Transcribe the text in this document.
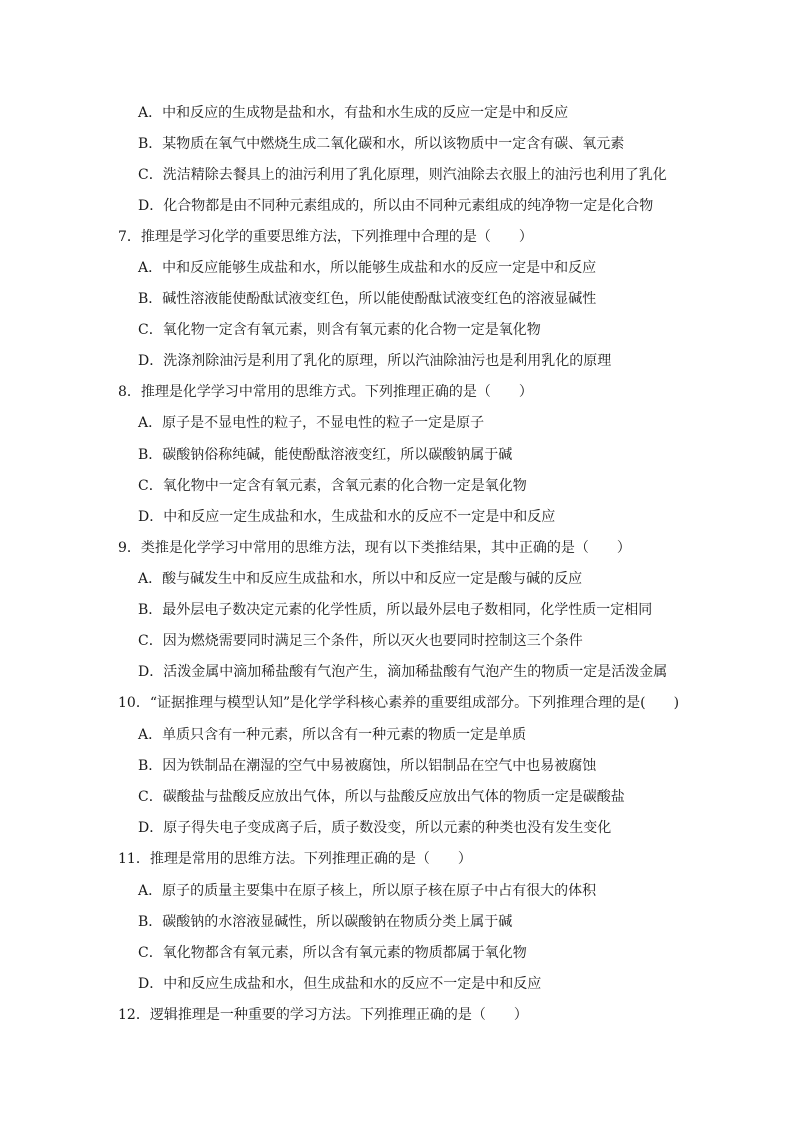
A．中和反应的生成物是盐和水，有盐和水生成的反应一定是中和反应
B．某物质在氧气中燃烧生成二氧化碳和水，所以该物质中一定含有碳、氧元素
C．洗洁精除去餐具上的油污利用了乳化原理，则汽油除去衣服上的油污也利用了乳化
D．化合物都是由不同种元素组成的，所以由不同种元素组成的纯净物一定是化合物
7．推理是学习化学的重要思维方法，下列推理中合理的是（　　）
A．中和反应能够生成盐和水，所以能够生成盐和水的反应一定是中和反应
B．碱性溶液能使酚酞试液变红色，所以能使酚酞试液变红色的溶液显碱性
C．氧化物一定含有氧元素，则含有氧元素的化合物一定是氧化物
D．洗涤剂除油污是利用了乳化的原理，所以汽油除油污也是利用乳化的原理
8．推理是化学学习中常用的思维方式。下列推理正确的是（　　）
A．原子是不显电性的粒子，不显电性的粒子一定是原子
B．碳酸钠俗称纯碱，能使酚酞溶液变红，所以碳酸钠属于碱
C．氧化物中一定含有氧元素，含氧元素的化合物一定是氧化物
D．中和反应一定生成盐和水，生成盐和水的反应不一定是中和反应
9．类推是化学学习中常用的思维方法，现有以下类推结果，其中正确的是（　　）
A．酸与碱发生中和反应生成盐和水，所以中和反应一定是酸与碱的反应
B．最外层电子数决定元素的化学性质，所以最外层电子数相同，化学性质一定相同
C．因为燃烧需要同时满足三个条件，所以灭火也要同时控制这三个条件
D．活泼金属中滴加稀盐酸有气泡产生，滴加稀盐酸有气泡产生的物质一定是活泼金属
10．“证据推理与模型认知”是化学学科核心素养的重要组成部分。下列推理合理的是(　　)
A．单质只含有一种元素，所以含有一种元素的物质一定是单质
B．因为铁制品在潮湿的空气中易被腐蚀，所以铝制品在空气中也易被腐蚀
C．碳酸盐与盐酸反应放出气体，所以与盐酸反应放出气体的物质一定是碳酸盐
D．原子得失电子变成离子后，质子数没变，所以元素的种类也没有发生变化
11．推理是常用的思维方法。下列推理正确的是（　　）
A．原子的质量主要集中在原子核上，所以原子核在原子中占有很大的体积
B．碳酸钠的水溶液显碱性，所以碳酸钠在物质分类上属于碱
C．氧化物都含有氧元素，所以含有氧元素的物质都属于氧化物
D．中和反应生成盐和水，但生成盐和水的反应不一定是中和反应
12．逻辑推理是一种重要的学习方法。下列推理正确的是（　　）
